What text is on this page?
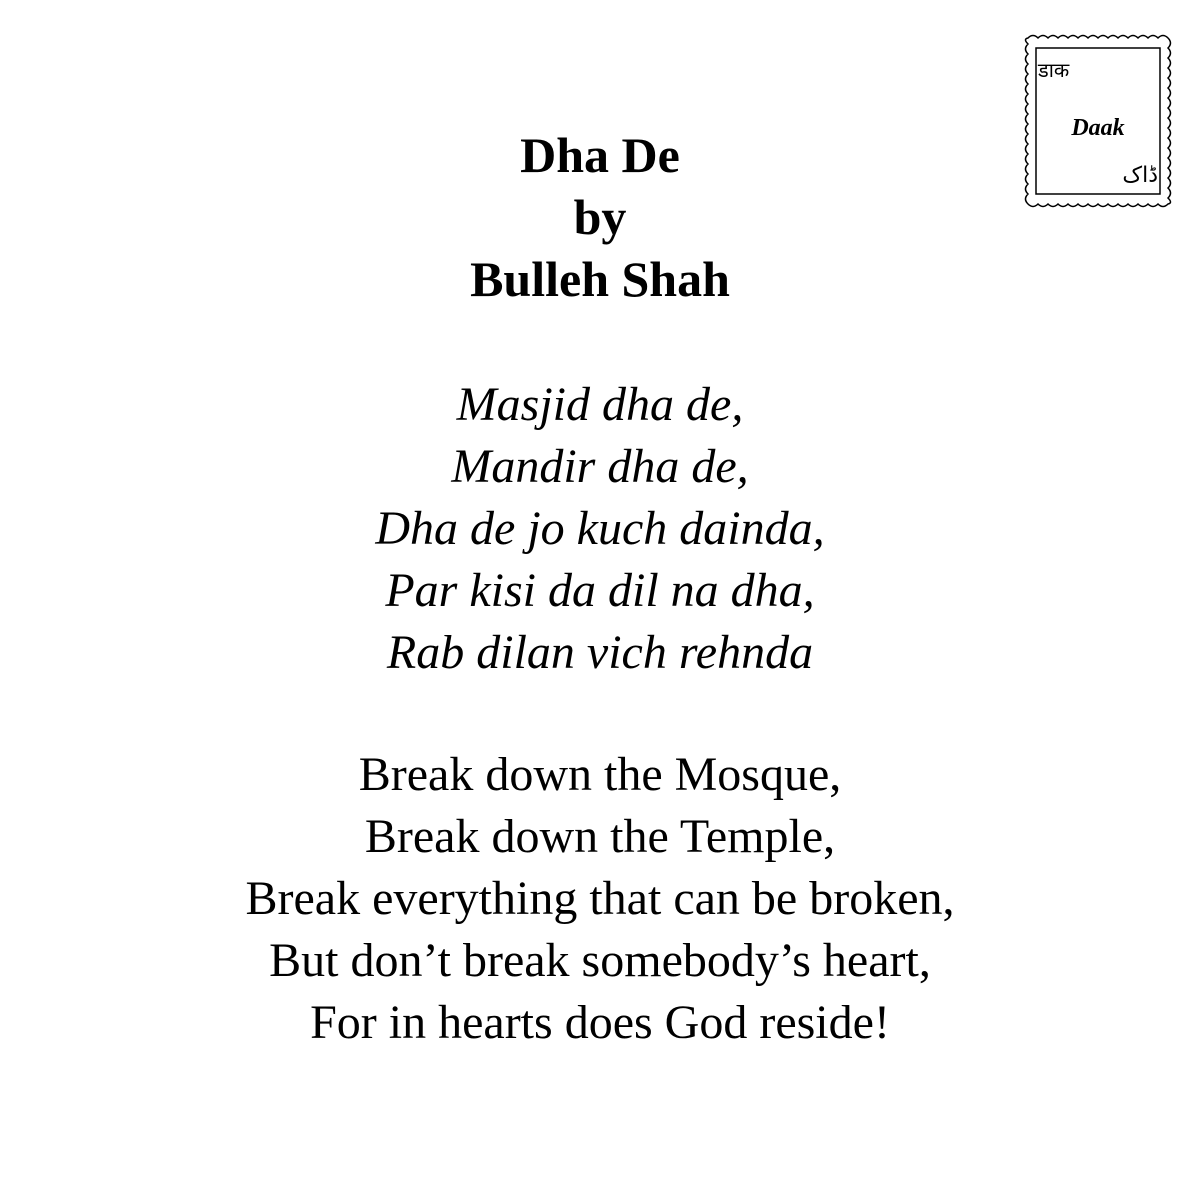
डाक
Daak
ڈاک
Dha De
by
Bulleh Shah
Masjid dha de,
Mandir dha de,
Dha de jo kuch dainda,
Par kisi da dil na dha,
Rab dilan vich rehnda
Break down the Mosque,
Break down the Temple,
Break everything that can be broken,
But don’t break somebody’s heart,
For in hearts does God reside!
